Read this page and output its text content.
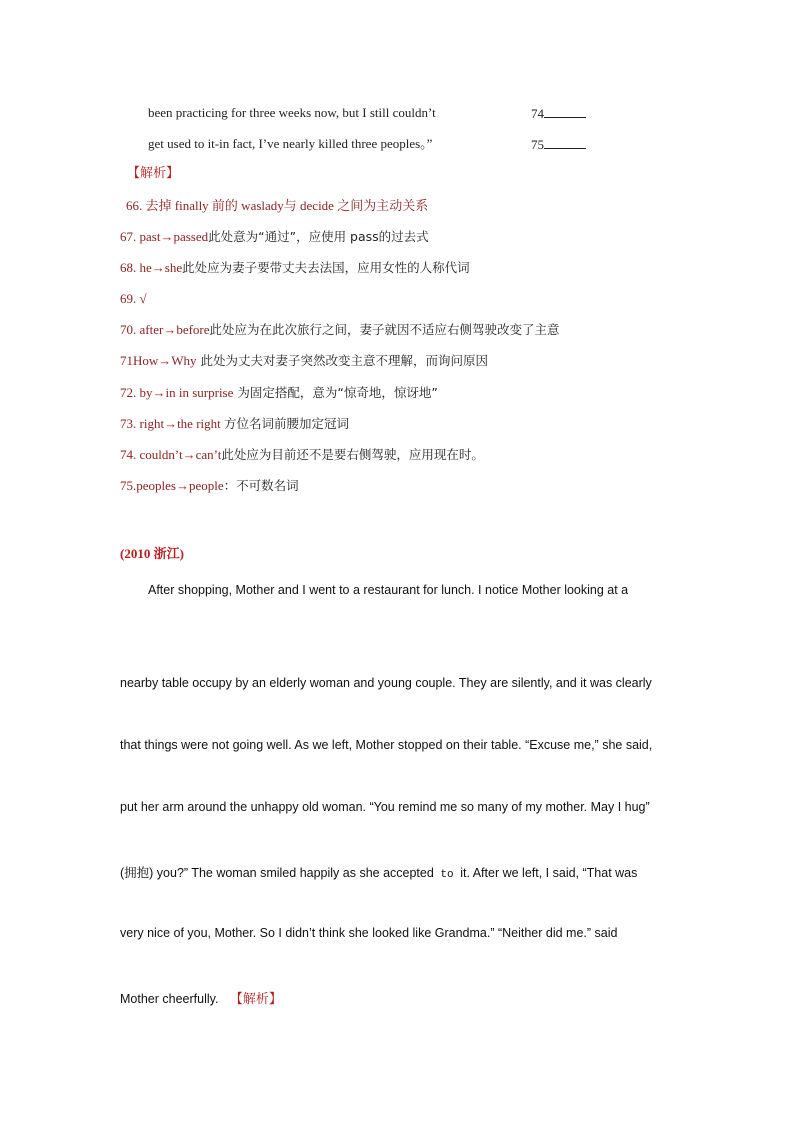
been practicing for three weeks now, but I still couldn’t	74
get used to it-in fact, I’ve nearly killed three peoples。”	75
【解析】
66. 去掉 finally 前的 waslady与 decide 之间为主动关系
67. past→passed此处意为“通过”，应使用 pass的过去式
68. he→she此处应为妻子要带丈夫去法国，应用女性的人称代词
69. √
70. after→before此处应为在此次旅行之间，妻子就因不适应右侧驾驶改变了主意
71How→Why 此处为丈夫对妻子突然改变主意不理解，而询问原因
72. by→in in surprise 为固定搭配，意为“惊奇地，惊讶地”
73. right→the right 方位名词前腰加定冠词
74. couldn’t→can’t此处应为目前还不是要右侧驾驶，应用现在时。
75.peoples→people：不可数名词
(2010 浙江)
After shopping, Mother and I went to a restaurant for lunch. I notice Mother looking at a
nearby table occupy by an elderly woman and young couple. They are silently, and it was clearly
that things were not going well. As we left, Mother stopped on their table. “Excuse me,” she said,
put her arm around the unhappy old woman. “You remind me so many of my mother. May I hug”
(拥抱) you?” The woman smiled happily as she accepted to it. After we left, I said, “That was
very nice of you, Mother. So I didn’t think she looked like Grandma.” “Neither did me.” said
Mother cheerfully. 【解析】
